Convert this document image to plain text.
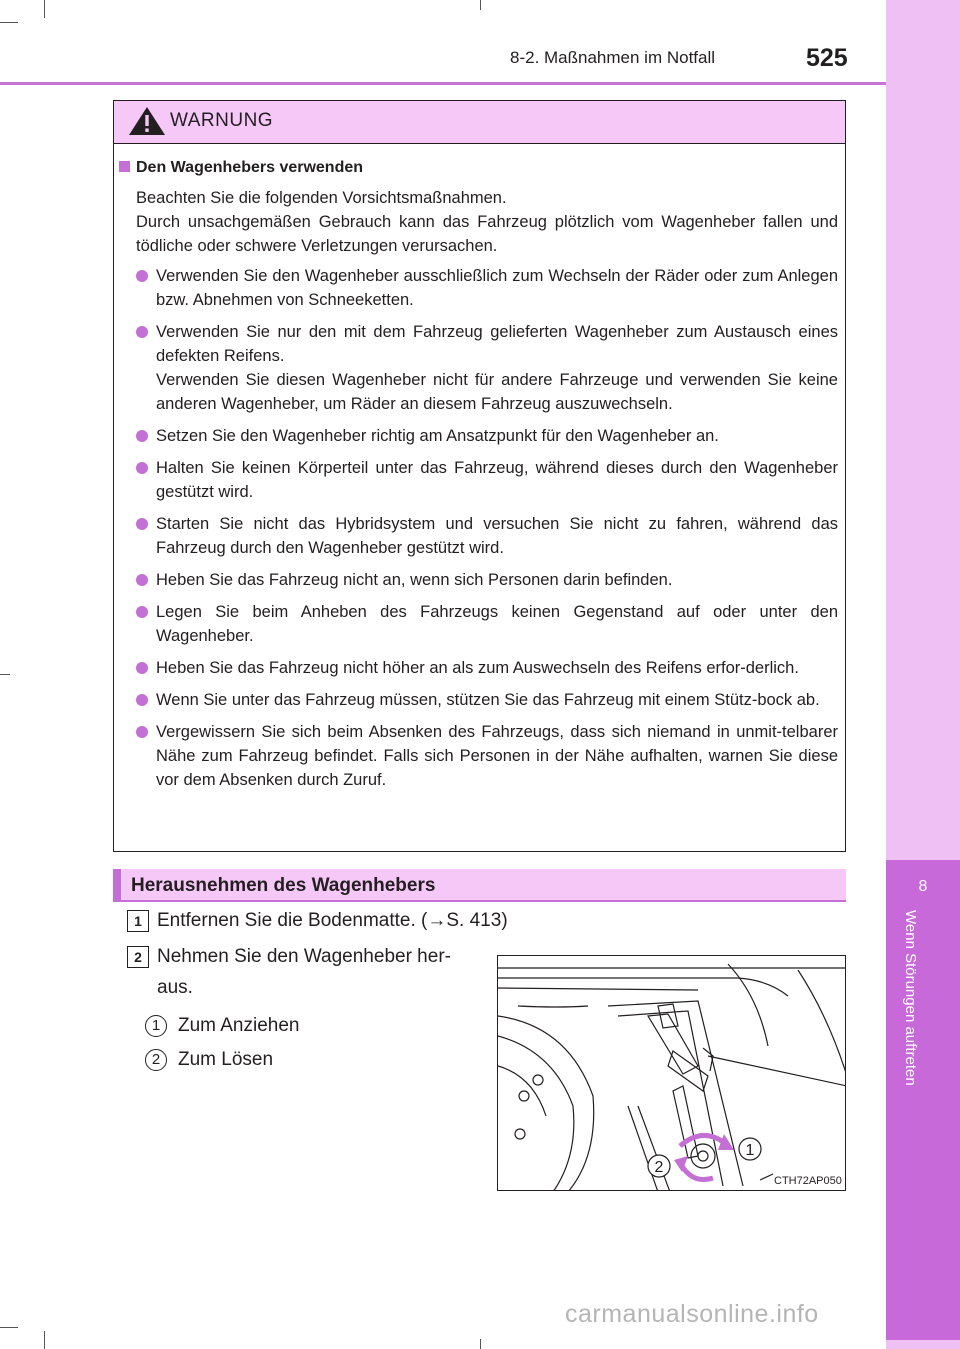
8
Wenn Störungen auftreten
8-2. Maßnahmen im Notfall	525
WARNUNG
Den Wagenhebers verwenden
Beachten Sie die folgenden Vorsichtsmaßnahmen.
Durch unsachgemäßen Gebrauch kann das Fahrzeug plötzlich vom Wagenheber fallen und tödliche oder schwere Verletzungen verursachen.
Verwenden Sie den Wagenheber ausschließlich zum Wechseln der Räder oder zum Anlegen bzw. Abnehmen von Schneeketten.
Verwenden Sie nur den mit dem Fahrzeug gelieferten Wagenheber zum Austausch eines defekten Reifens.
Verwenden Sie diesen Wagenheber nicht für andere Fahrzeuge und verwenden Sie keine anderen Wagenheber, um Räder an diesem Fahrzeug auszuwechseln.
Setzen Sie den Wagenheber richtig am Ansatzpunkt für den Wagenheber an.
Halten Sie keinen Körperteil unter das Fahrzeug, während dieses durch den Wagenheber gestützt wird.
Starten Sie nicht das Hybridsystem und versuchen Sie nicht zu fahren, während das Fahrzeug durch den Wagenheber gestützt wird.
Heben Sie das Fahrzeug nicht an, wenn sich Personen darin befinden.
Legen Sie beim Anheben des Fahrzeugs keinen Gegenstand auf oder unter den Wagenheber.
Heben Sie das Fahrzeug nicht höher an als zum Auswechseln des Reifens erfor-derlich.
Wenn Sie unter das Fahrzeug müssen, stützen Sie das Fahrzeug mit einem Stütz-bock ab.
Vergewissern Sie sich beim Absenken des Fahrzeugs, dass sich niemand in unmit-telbarer Nähe zum Fahrzeug befindet. Falls sich Personen in der Nähe aufhalten, warnen Sie diese vor dem Absenken durch Zuruf.
Herausnehmen des Wagenhebers
1 Entfernen Sie die Bodenmatte. (→S. 413)
2 Nehmen Sie den Wagenheber her-
aus.
1 Zum Anziehen
2 Zum Lösen
1
2
CTH72AP050
carmanualsonline.info
